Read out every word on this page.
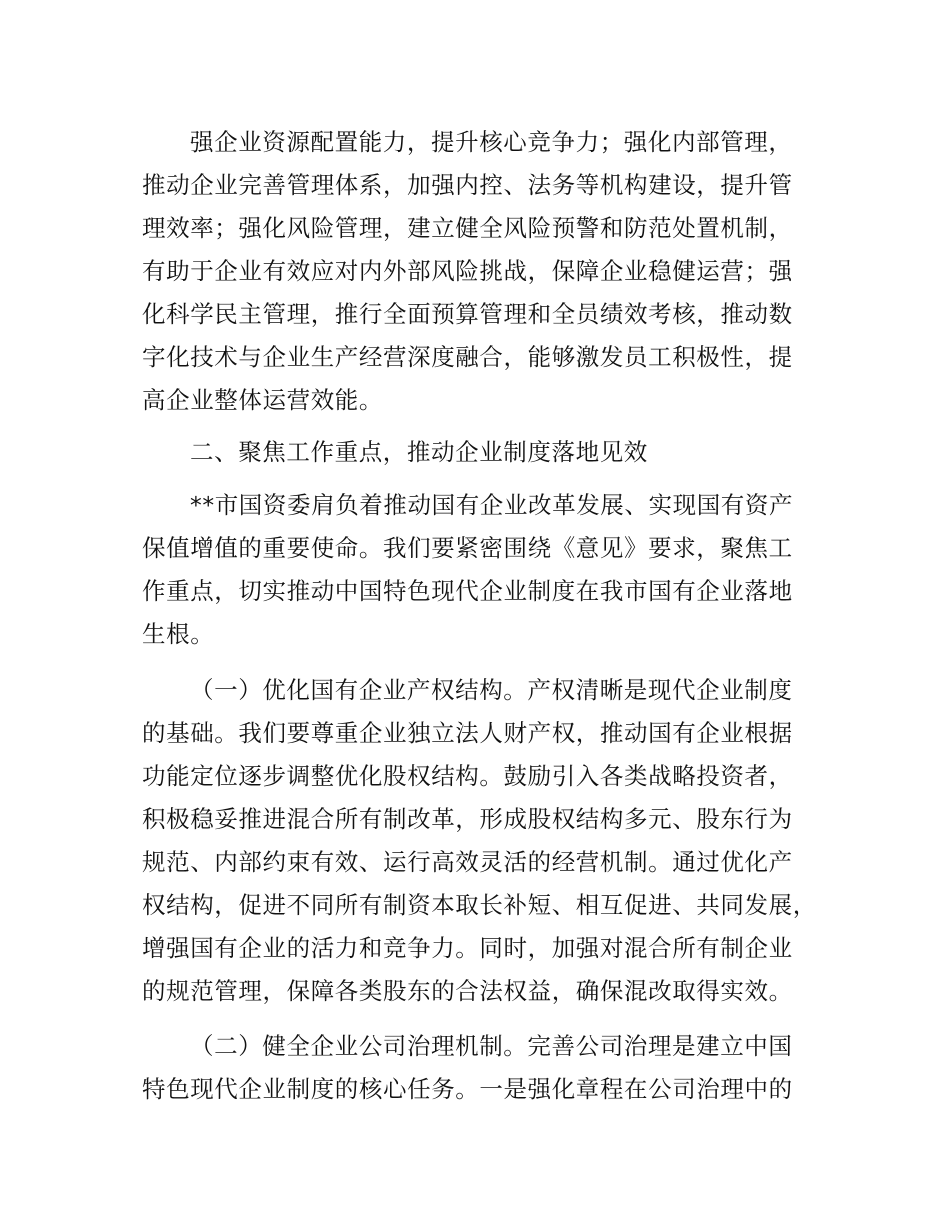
强企业资源配置能力，提升核心竞争力；强化内部管理，
推动企业完善管理体系，加强内控、法务等机构建设，提升管
理效率；强化风险管理，建立健全风险预警和防范处置机制，
有助于企业有效应对内外部风险挑战，保障企业稳健运营；强
化科学民主管理，推行全面预算管理和全员绩效考核，推动数
字化技术与企业生产经营深度融合，能够激发员工积极性，提
高企业整体运营效能。
二、聚焦工作重点，推动企业制度落地见效
**市国资委肩负着推动国有企业改革发展、实现国有资产
保值增值的重要使命。我们要紧密围绕《意见》要求，聚焦工
作重点，切实推动中国特色现代企业制度在我市国有企业落地
生根。
（一）优化国有企业产权结构。产权清晰是现代企业制度
的基础。我们要尊重企业独立法人财产权，推动国有企业根据
功能定位逐步调整优化股权结构。鼓励引入各类战略投资者，
积极稳妥推进混合所有制改革，形成股权结构多元、股东行为
规范、内部约束有效、运行高效灵活的经营机制。通过优化产
权结构，促进不同所有制资本取长补短、相互促进、共同发展，
增强国有企业的活力和竞争力。同时，加强对混合所有制企业
的规范管理，保障各类股东的合法权益，确保混改取得实效。
（二）健全企业公司治理机制。完善公司治理是建立中国
特色现代企业制度的核心任务。一是强化章程在公司治理中的
